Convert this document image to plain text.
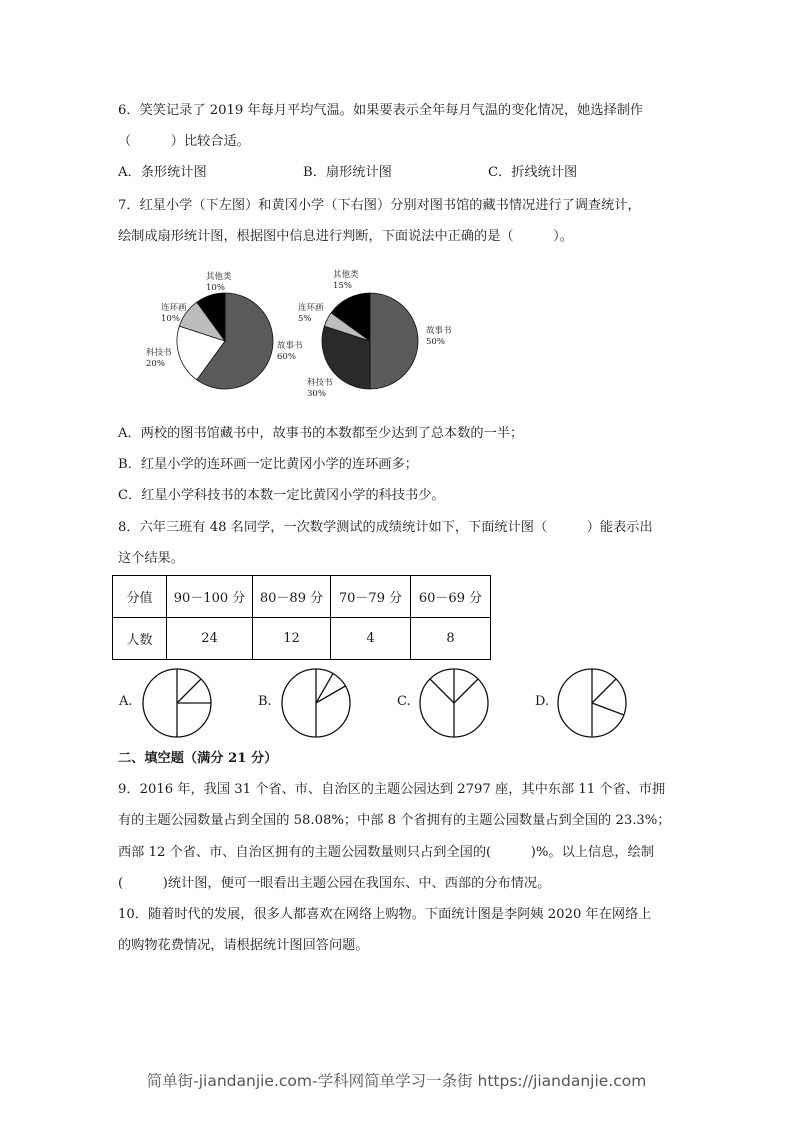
6．笑笑记录了 2019 年每月平均气温。如果要表示全年每月气温的变化情况，她选择制作
（　　　）比较合适。
A．条形统计图	B．扇形统计图	C．折线统计图
7．红星小学（下左图）和黄冈小学（下右图）分别对图书馆的藏书情况进行了调查统计，
绘制成扇形统计图，根据图中信息进行判断，下面说法中正确的是（　　　）。
故事书
60%
科技书
20%
连环画
10%
其他类
10%
故事书
50%
科技书
30%
连环画
5%
其他类
15%
A．两校的图书馆藏书中，故事书的本数都至少达到了总本数的一半；
B．红星小学的连环画一定比黄冈小学的连环画多；
C．红星小学科技书的本数一定比黄冈小学的科技书少。
8．六年三班有 48 名同学，一次数学测试的成绩统计如下，下面统计图（　　　）能表示出
这个结果。
分值	90－100 分	80－89 分	70－79 分	60－69 分
人数	24	12	4	8
A.	B.	C.	D.
二、填空题（满分 21 分）
9．2016 年，我国 31 个省、市、自治区的主题公园达到 2797 座，其中东部 11 个省、市拥
有的主题公园数量占到全国的 58.08%；中部 8 个省拥有的主题公园数量占到全国的 23.3%；
西部 12 个省、市、自治区拥有的主题公园数量则只占到全国的(　　　)%。以上信息，绘制
(　　　)统计图，便可一眼看出主题公园在我国东、中、西部的分布情况。
10．随着时代的发展，很多人都喜欢在网络上购物。下面统计图是李阿姨 2020 年在网络上
的购物花费情况，请根据统计图回答问题。
简单街-jiandanjie.com-学科网简单学习一条街 https://jiandanjie.com
